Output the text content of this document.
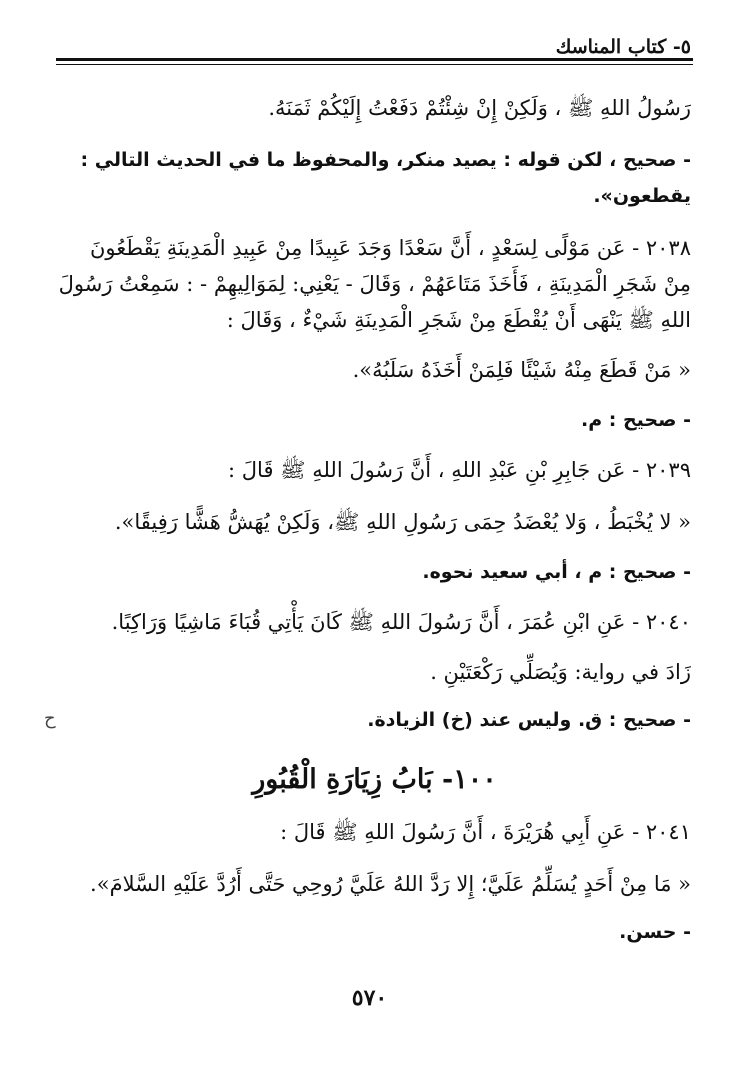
٥- كتاب المناسك
رَسُولُ اللهِ ﷺ ، وَلَكِنْ إِنْ شِئْتُمْ دَفَعْتُ إِلَيْكُمْ ثَمَنَهُ.
- صحيح ، لكن قوله : يصيد منكر، والمحفوظ ما في الحديث التالي :
يقطعون».
٢٠٣٨ - عَن مَوْلًى لِسَعْدٍ ، أَنَّ سَعْدًا وَجَدَ عَبِيدًا مِنْ عَبِيدِ الْمَدِينَةِ يَقْطَعُونَ
مِنْ شَجَرِ الْمَدِينَةِ ، فَأَخَذَ مَتَاعَهُمْ ، وَقَالَ - يَعْنِي: لِمَوَالِيهِمْ - : سَمِعْتُ رَسُولَ
اللهِ ﷺ يَنْهَى أَنْ يُقْطَعَ مِنْ شَجَرِ الْمَدِينَةِ شَيْءٌ ، وَقَالَ :
« مَنْ قَطَعَ مِنْهُ شَيْئًا فَلِمَنْ أَخَذَهُ سَلَبُهُ».
- صحيح : م.
٢٠٣٩ - عَن جَابِرِ بْنِ عَبْدِ اللهِ ، أَنَّ رَسُولَ اللهِ ﷺ قَالَ :
« لا يُخْبَطُ ، وَلا يُعْضَدُ حِمَى رَسُولِ اللهِ ﷺ، وَلَكِنْ يُهَشُّ هَشًّا رَفِيقًا».
- صحيح : م ، أبي سعيد نحوه.
٢٠٤٠ - عَنِ ابْنِ عُمَرَ ، أَنَّ رَسُولَ اللهِ ﷺ كَانَ يَأْتِي قُبَاءَ مَاشِيًا وَرَاكِبًا.
زَادَ في رواية: وَيُصَلِّي رَكْعَتَيْنِ .
- صحيح : ق. وليس عند (خ) الزيادة.
ح
١٠٠- بَابُ زِيَارَةِ الْقُبُورِ
٢٠٤١ - عَنِ أَبِي هُرَيْرَةَ ، أَنَّ رَسُولَ اللهِ ﷺ قَالَ :
« مَا مِنْ أَحَدٍ يُسَلِّمُ عَلَيَّ؛ إِلا رَدَّ اللهُ عَلَيَّ رُوحِي حَتَّى أَرُدَّ عَلَيْهِ السَّلامَ».
- حسن.
٥٧٠
